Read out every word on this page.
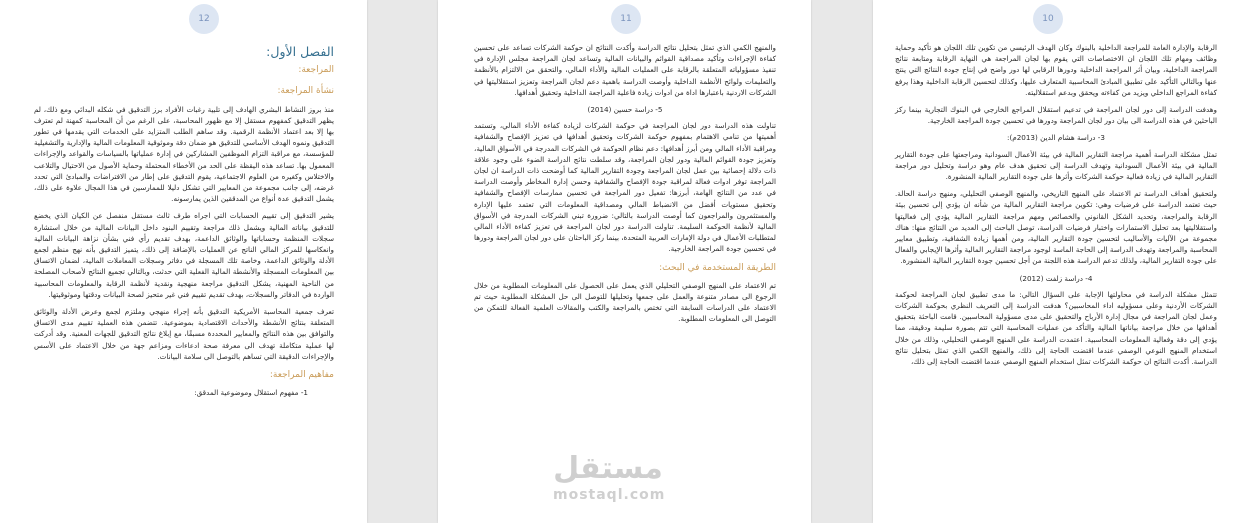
12
الفصل الأول:
المراجعة:
نشأة المراجعة:

منذ بروز النشاط البشري الهادف إلى تلبية رغبات الأفراد برز التدقيق في شكله البدائي ومع ذلك، لم يظهر التدقيق كمفهوم مستقل إلا مع ظهور المحاسبة، على الرغم من أن المحاسبة كمهنة لم تعترف بها إلا بعد اعتماد الأنظمة الرقمية. وقد ساهم الطلب المتزايد على الخدمات التي يقدمها في تطور التدقيق ونموه الهدف الأساسي للتدقيق هو ضمان دقة وموثوقية المعلومات المالية والإدارية والتشغيلية للمؤسسة، مع مراقبة التزام الموظفين المشاركين في إدارة عملياتها بالسياسات والقواعد والإجراءات المعمول بها. تساعد هذه اليقظة على الحد من الأخطاء المحتملة وحماية الأصول من الاحتيال والتلاعب والاختلاس وكغيره من العلوم الاجتماعية، يقوم التدقيق على إطار من الافتراضات والمبادئ التي تحدد غرضه، إلى جانب مجموعة من المعايير التي تشكل دليلا للممارسين في هذا المجال علاوة على ذلك، يشمل التدقيق عدة أنواع من المدققين الذين يمارسونه.

يشير التدقيق إلى تقييم الحسابات التي اجراه طرف ثالث مستقل منفصل عن الكيان الذي يخضع للتدقيق بياناته المالية ويشمل ذلك مراجعة وتقييم البنود داخل البيانات المالية من خلال استشارة سجلات المنظمة وحساباتها والوثائق الداعمة، بهدف تقديم رأي فني بشأن نزاهة البيانات المالية وانعكاسها للمركز المالي الناتج عن العمليات بالإضافة إلى ذلك، يتميز التدقيق بأنه نهج منظم لجمع الأدلة والوثائق الداعمة، وخاصة تلك المسجلة في دفاتر وسجلات المعاملات المالية، لضمان الاتساق بين المعلومات المسجلة والأنشطة المالية الفعلية التي حدثت، وبالتالي تجميع النتائج لأصحاب المصلحة من الناحية المهنية، يشكل التدقيق مراجعة منهجية ونقدية لأنظمة الرقابة والمعلومات المحاسبية الواردة في الدفاتر والسجلات، بهدف تقديم تقييم فني غير متحيز لصحة البيانات ودقتها وموثوقيتها.

تعرف جمعية المحاسبة الأمريكية التدقيق بأنه إجراء منهجي وملتزم لجمع وعرض الأدلة والوثائق المتعلقة بنتائج الأنشطة والأحداث الاقتصادية بموضوعية. تتضمن هذه العملية تقييم مدى الاتساق والتوافق بين هذه النتائج والمعايير المحددة مسبقًا، مع إبلاغ نتائج التدقيق للجهات المعنية. وقد أدركت لها عملية متكاملة تهدف الى معرفة صحة ادعاءات ومزاعم جهة من خلال الاعتماد على الأسس والإجراءات الدقيقة التي تساهم بالتوصل الى سلامة البيانات.

مفاهيم المراجعة:
1- مفهوم استقلال وموضوعية المدقق:
11

والمنهج الكمي الذي تمثل بتحليل نتائج الدراسة وأكدت النتائج ان حوكمة الشركات تساعد على تحسين كفاءة الإجراءات وتأكيد مصداقية القوائم والبيانات المالية وتساعد لجان المراجعة مجلس الإدارة في تنفيذ مسؤولياته المتعلقة بالرقابة على العمليات المالية والأداء المالي، والتحقق من الالتزام بالأنظمة والتعليمات ولوائح الأنظمة الداخلية وأوصت الدراسة باهمية دعم لجان المراجعة وتعزيز استقلاليتها في الشركات الاردنية باعتبارها اداة من ادوات زيادة فاعلية المراجعة الداخلية وتحقيق أهدافها.

5- دراسة حسين (2014)

تناولت هذه الدراسة دور لجان المراجعة في حوكمة الشركات لزيادة كفاءة الأداء المالي، وتستمد أهميتها من تنامي الاهتمام بمفهوم حوكمة الشركات وتحقيق أهدافها في تعزيز الإفصاح والشفافية ومراقبة الأداء المالي ومن أبرز أهدافها: دعم نظام الحوكمة في الشركات المدرجة في الأسواق المالية، وتعزيز جودة القوائم المالية ودور لجان المراجعة، وقد سلطت نتائج الدراسة الضوء على وجود علاقة ذات دلالة إحصائية بين عمل لجان المراجعة وجودة التقارير المالية كما أوضحت ذات الدراسة ان لجان المراجعة توفر ادوات فعالة لمراقبة جودة الإفصاح والشفافية وحسن إدارة المخاطر وأوصت الدراسة في عدد من النتائج الهامة، أبرزها: تفعيل دور المراجعة في تحسين ممارسات الإفصاح والشفافية وتحقيق مستويات أفضل من الانضباط المالي ومصداقية المعلومات التي تعتمد عليها الإدارة والمستثمرون والمراجعون كما أوصت الدراسة بالتالي: ضرورة تبني الشركات المدرجة في الأسواق المالية لأنظمة الحوكمة السليمة. تناولت الدراسة دور لجان المراجعة في تعزيز كفاءة الأداء المالي لمتطلبات الأعمال في دولة الإمارات العربية المتحدة، بينما ركز الباحثان على دور لجان المراجعة ودورها في تحسين جودة المراجعة الخارجية.

الطريقة المستخدمة في البحث:

تم الاعتماد على المنهج الوصفي التحليلي الذي يعمل على الحصول على المعلومات المطلوبة من خلال الرجوع الى مصادر متنوعة والعمل على جمعها وتحليلها للتوصل الى حل المشكلة المطلوبة حيث تم الاعتماد على الدراسات السابقة التي تختص بالمراجعة والكتب والمقالات العلمية الفعالة للتمكن من التوصل الى المعلومات المطلوبة.

10

الرقابة والإدارة العامة للمراجعة الداخلية بالبنوك وكان الهدف الرئيسي من تكوين تلك اللجان هو تأكيد وحماية وظائف ومهام تلك اللجان ان الاختصاصات التي يقوم بها لجان المراجعة هي النهاية الرقابة ومتابعة نتائج المراجعة الداخلية، وبيان أثر المراجعة الداخلية ودورها الرقابي لها دور واضح في إنتاج جودة النتائج التي ينتج عنها وبالتالي التأكيد على تطبيق المبادئ المحاسبية المتعارف عليها، وكذلك لتحسين الرقابة الداخلية وهذا يرفع كفاءة المراجع الداخلي ويزيد من كفاءته ويحقق وبدعم استقلاليته.

وهدفت الدراسة إلى دور لجان المراجعة في تدعيم استقلال المراجع الخارجي في البنوك التجارية بينما ركز الباحثين في هذه الدراسة الى بيان دور لجان المراجعة ودورها في تحسين جودة المراجعة الخارجية.

3- دراسة هشام الدين (2013م):

تمثل مشكلة الدراسة أهمية مراجعة التقارير المالية في بيئة الأعمال السودانية ومراجعتها على جودة التقارير المالية في بيئة الأعمال السودانية وتهدف الدراسة إلى تحقيق هدف عام وهو دراسة وتحليل دور مراجعة التقارير المالية في زيادة فعالية حوكمة الشركات وأثرها على جودة التقارير المالية المنشورة.

ولتحقيق أهداف الدراسة تم الاعتماد على المنهج التاريخي، والمنهج الوصفي التحليلي، ومنهج دراسة الحالة. حيث تعتمد الدراسة على فرضيات وهي: تكوين مراجعة التقارير المالية من شأنه ان يؤدي إلى تحسين بيئة الرقابة والمراجعة، وتحديد الشكل القانوني والخصائص ومهم مراجعة التقارير المالية يؤدي إلى فعاليتها واستقلاليتها بعد تحليل الاستمارات واختبار فرضيات الدراسة، توصل الباحث إلى العديد من النتائج منها: هناك مجموعة من الآليات والأساليب لتحسين جودة التقارير المالية، ومن أهمها زيادة الشفافية، وتطبيق معايير المحاسبة والمراجعة وتهدف الدراسة إلى الحاجة الماسة لوجود مراجعة التقارير المالية وأثرها الإيجابي والفعال على جودة التقارير المالية، ولذلك تدعم الدراسة هذه اللجنة من أجل تحسين جودة التقارير المالية المنشورة.

4- دراسة زلفت (2012)

تتمثل مشكلة الدراسة في محاولتها الإجابة على السؤال التالي: ما مدى تطبيق لجان المراجعة لحوكمة الشركات الأردنية وعلى مسؤوليه اداء المحاسبين؟ هدفت الدراسة إلى التعريف النظري بحوكمة الشركات وعمل لجان المراجعة في مجال إدارة الأرباح والتحقيق على مدى مسؤولية المحاسبين. قامت الباحثة بتحقيق أهدافها من خلال مراجعة بياناتها المالية والتأكد من عمليات المحاسبة التي تتم بصورة سليمة ودقيقة، مما يؤدي إلى دقة وفعالية المعلومات المحاسبية. اعتمدت الدراسة على المنهج الوصفي التحليلي، وذلك من خلال استخدام المنهج النوعي الوصفي عندما اقتضت الحاجة إلى ذلك، والمنهج الكمي الذي تمثل بتحليل نتائج الدراسة. أكدت النتائج ان حوكمة الشركات تمثل استخدام المنهج الوصفي عندما اقتضت الحاجة إلى ذلك،

مستقل
mostaql.com
